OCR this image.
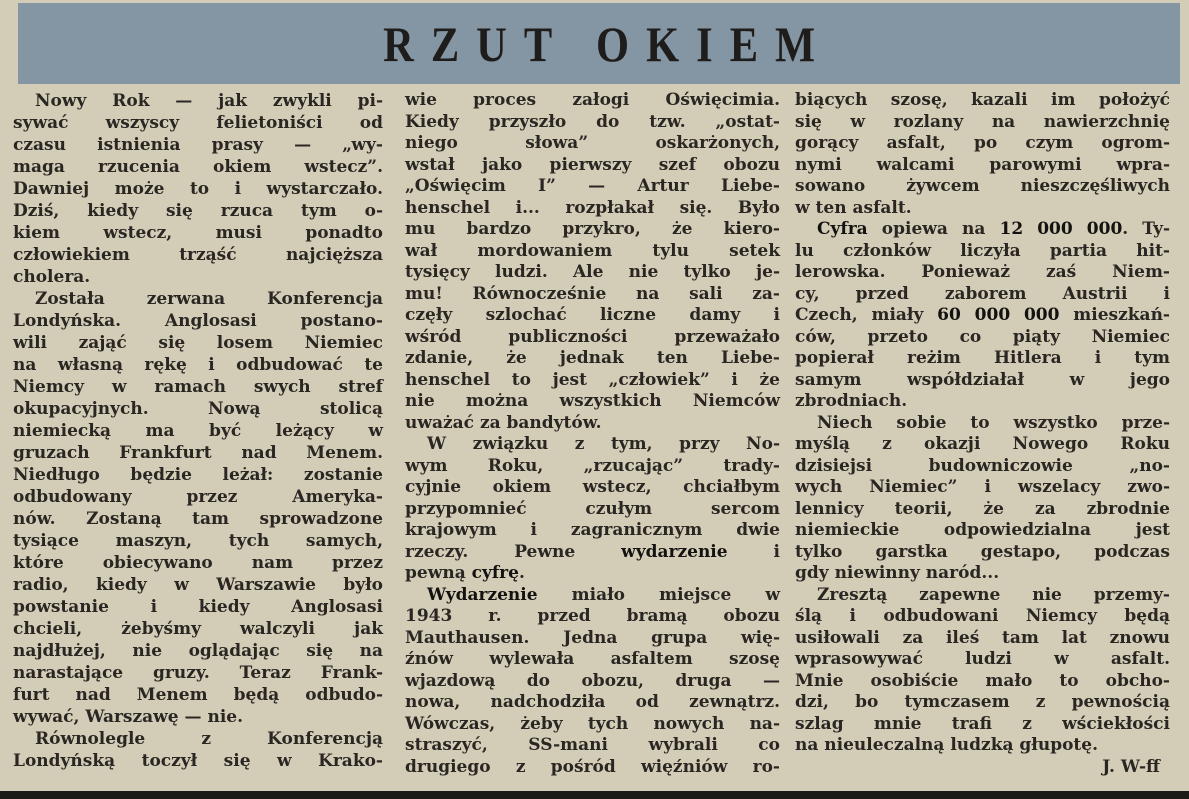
RZUT OKIEM
Nowy Rok — jak zwykli pi-
sywać wszyscy felietoniści od
czasu istnienia prasy — „wy-
maga rzucenia okiem wstecz”.
Dawniej może to i wystarczało.
Dziś, kiedy się rzuca tym o-
kiem wstecz, musi ponadto
człowiekiem trząść najcięższa
cholera.
Została zerwana Konferencja
Londyńska. Anglosasi postano-
wili zająć się losem Niemiec
na własną rękę i odbudować te
Niemcy w ramach swych stref
okupacyjnych. Nową stolicą
niemiecką ma być leżący w
gruzach Frankfurt nad Menem.
Niedługo będzie leżał: zostanie
odbudowany przez Ameryka-
nów. Zostaną tam sprowadzone
tysiące maszyn, tych samych,
które obiecywano nam przez
radio, kiedy w Warszawie było
powstanie i kiedy Anglosasi
chcieli, żebyśmy walczyli jak
najdłużej, nie oglądając się na
narastające gruzy. Teraz Frank-
furt nad Menem będą odbudo-
wywać, Warszawę — nie.
Równolegle z Konferencją
Londyńską toczył się w Krako-
wie proces załogi Oświęcimia.
Kiedy przyszło do tzw. „ostat-
niego słowa” oskarżonych,
wstał jako pierwszy szef obozu
„Oświęcim I” — Artur Liebe-
henschel i... rozpłakał się. Było
mu bardzo przykro, że kiero-
wał mordowaniem tylu setek
tysięcy ludzi. Ale nie tylko je-
mu! Równocześnie na sali za-
częły szlochać liczne damy i
wśród publiczności przeważało
zdanie, że jednak ten Liebe-
henschel to jest „człowiek” i że
nie można wszystkich Niemców
uważać za bandytów.
W związku z tym, przy No-
wym Roku, „rzucając” trady-
cyjnie okiem wstecz, chciałbym
przypomnieć czułym sercom
krajowym i zagranicznym dwie
rzeczy. Pewne wydarzenie i
pewną cyfrę.
Wydarzenie miało miejsce w
1943 r. przed bramą obozu
Mauthausen. Jedna grupa wię-
źnów wylewała asfaltem szosę
wjazdową do obozu, druga —
nowa, nadchodziła od zewnątrz.
Wówczas, żeby tych nowych na-
straszyć, SS-mani wybrali co
drugiego z pośród więźniów ro-
biących szosę, kazali im położyć
się w rozlany na nawierzchnię
gorący asfalt, po czym ogrom-
nymi walcami parowymi wpra-
sowano żywcem nieszczęśliwych
w ten asfalt.
Cyfra opiewa na 12 000 000. Ty-
lu członków liczyła partia hit-
lerowska. Ponieważ zaś Niem-
cy, przed zaborem Austrii i
Czech, miały 60 000 000 mieszkań-
ców, przeto co piąty Niemiec
popierał reżim Hitlera i tym
samym współdziałał w jego
zbrodniach.
Niech sobie to wszystko prze-
myślą z okazji Nowego Roku
dzisiejsi budowniczowie „no-
wych Niemiec” i wszelacy zwo-
lennicy teorii, że za zbrodnie
niemieckie odpowiedzialna jest
tylko garstka gestapo, podczas
gdy niewinny naród...
Zresztą zapewne nie przemy-
ślą i odbudowani Niemcy będą
usiłowali za ileś tam lat znowu
wprasowywać ludzi w asfalt.
Mnie osobiście mało to obcho-
dzi, bo tymczasem z pewnością
szlag mnie trafi z wściekłości
na nieuleczalną ludzką głupotę.
J. W-ff
